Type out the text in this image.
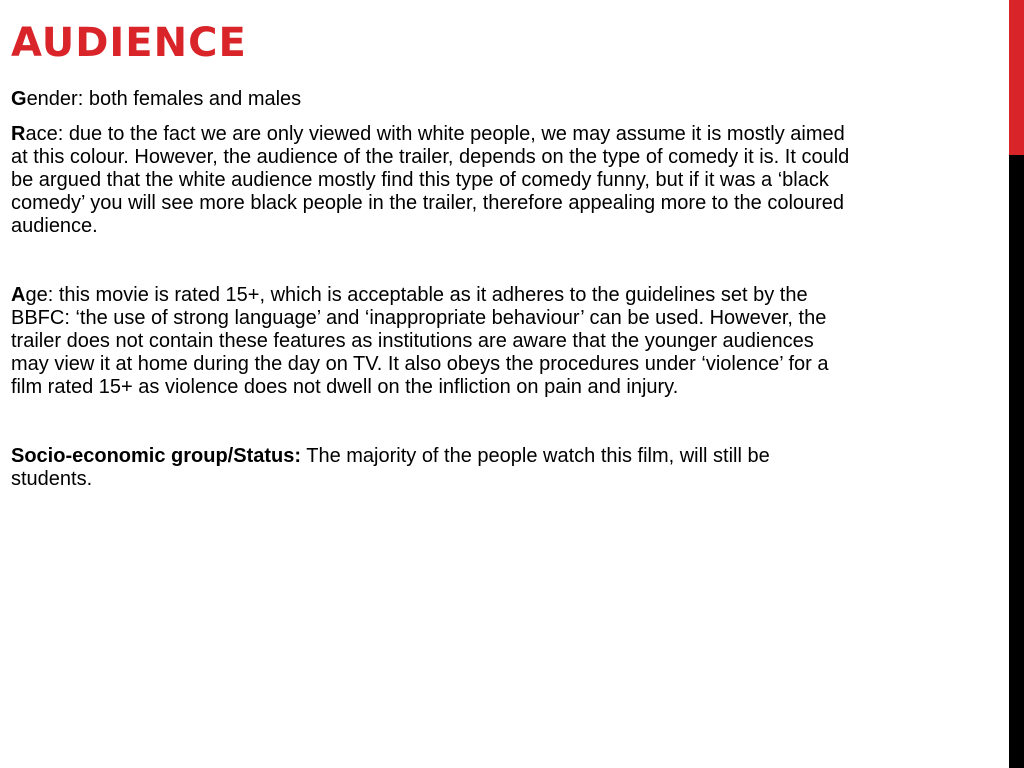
AUDIENCE

Gender: both females and males

Race: due to the fact we are only viewed with white people, we may assume it is mostly aimed at this colour. However, the audience of the trailer, depends on the type of comedy it is. It could be argued that the white audience mostly find this type of comedy funny, but if it was a ‘black comedy’ you will see more black people in the trailer, therefore appealing more to the coloured audience.

Age: this movie is rated 15+, which is acceptable as it adheres to the guidelines set by the BBFC: ‘the use of strong language’ and ‘inappropriate behaviour’ can be used. However, the trailer does not contain these features as institutions are aware that the younger audiences may view it at home during the day on TV. It also obeys the procedures under ‘violence’ for a film rated 15+ as violence does not dwell on the infliction on pain and injury.

Socio-economic group/Status: The majority of the people watch this film, will still be students.
